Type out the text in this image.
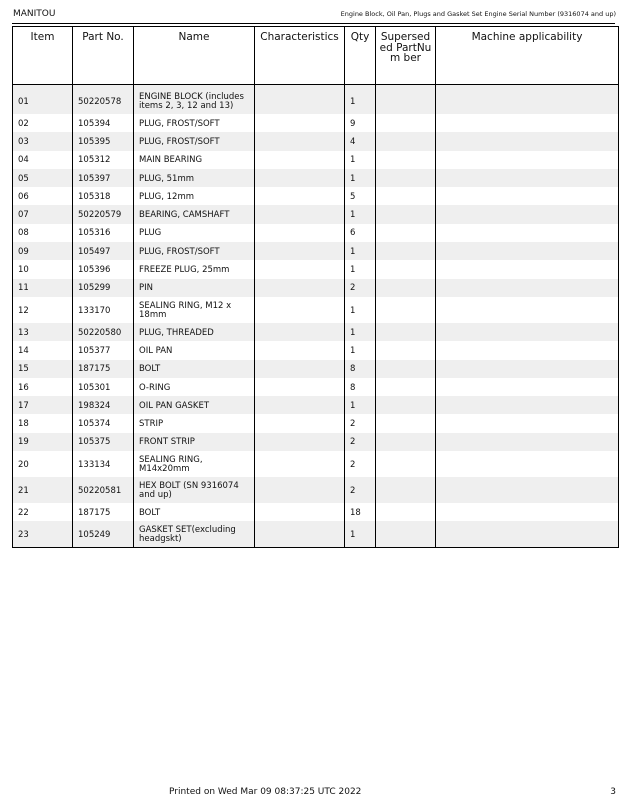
MANITOU	Engine Block, Oil Pan, Plugs and Gasket Set Engine Serial Number (9316074 and up)
Item	Part No.	Name	Characteristics	Qty	Supersed ed PartNum ber	Machine applicability
01	50220578	ENGINE BLOCK (includes items 2, 3, 12 and 13)		1		
02	105394	PLUG, FROST/SOFT		9		
03	105395	PLUG, FROST/SOFT		4		
04	105312	MAIN BEARING		1		
05	105397	PLUG, 51mm		1		
06	105318	PLUG, 12mm		5		
07	50220579	BEARING, CAMSHAFT		1		
08	105316	PLUG		6		
09	105497	PLUG, FROST/SOFT		1		
10	105396	FREEZE PLUG, 25mm		1		
11	105299	PIN		2		
12	133170	SEALING RING, M12 x 18mm		1		
13	50220580	PLUG, THREADED		1		
14	105377	OIL PAN		1		
15	187175	BOLT		8		
16	105301	O-RING		8		
17	198324	OIL PAN GASKET		1		
18	105374	STRIP		2		
19	105375	FRONT STRIP		2		
20	133134	SEALING RING, M14x20mm		2		
21	50220581	HEX BOLT (SN 9316074 and up)		2		
22	187175	BOLT		18		
23	105249	GASKET SET(excluding headgskt)		1		
Printed on Wed Mar 09 08:37:25 UTC 2022	3
